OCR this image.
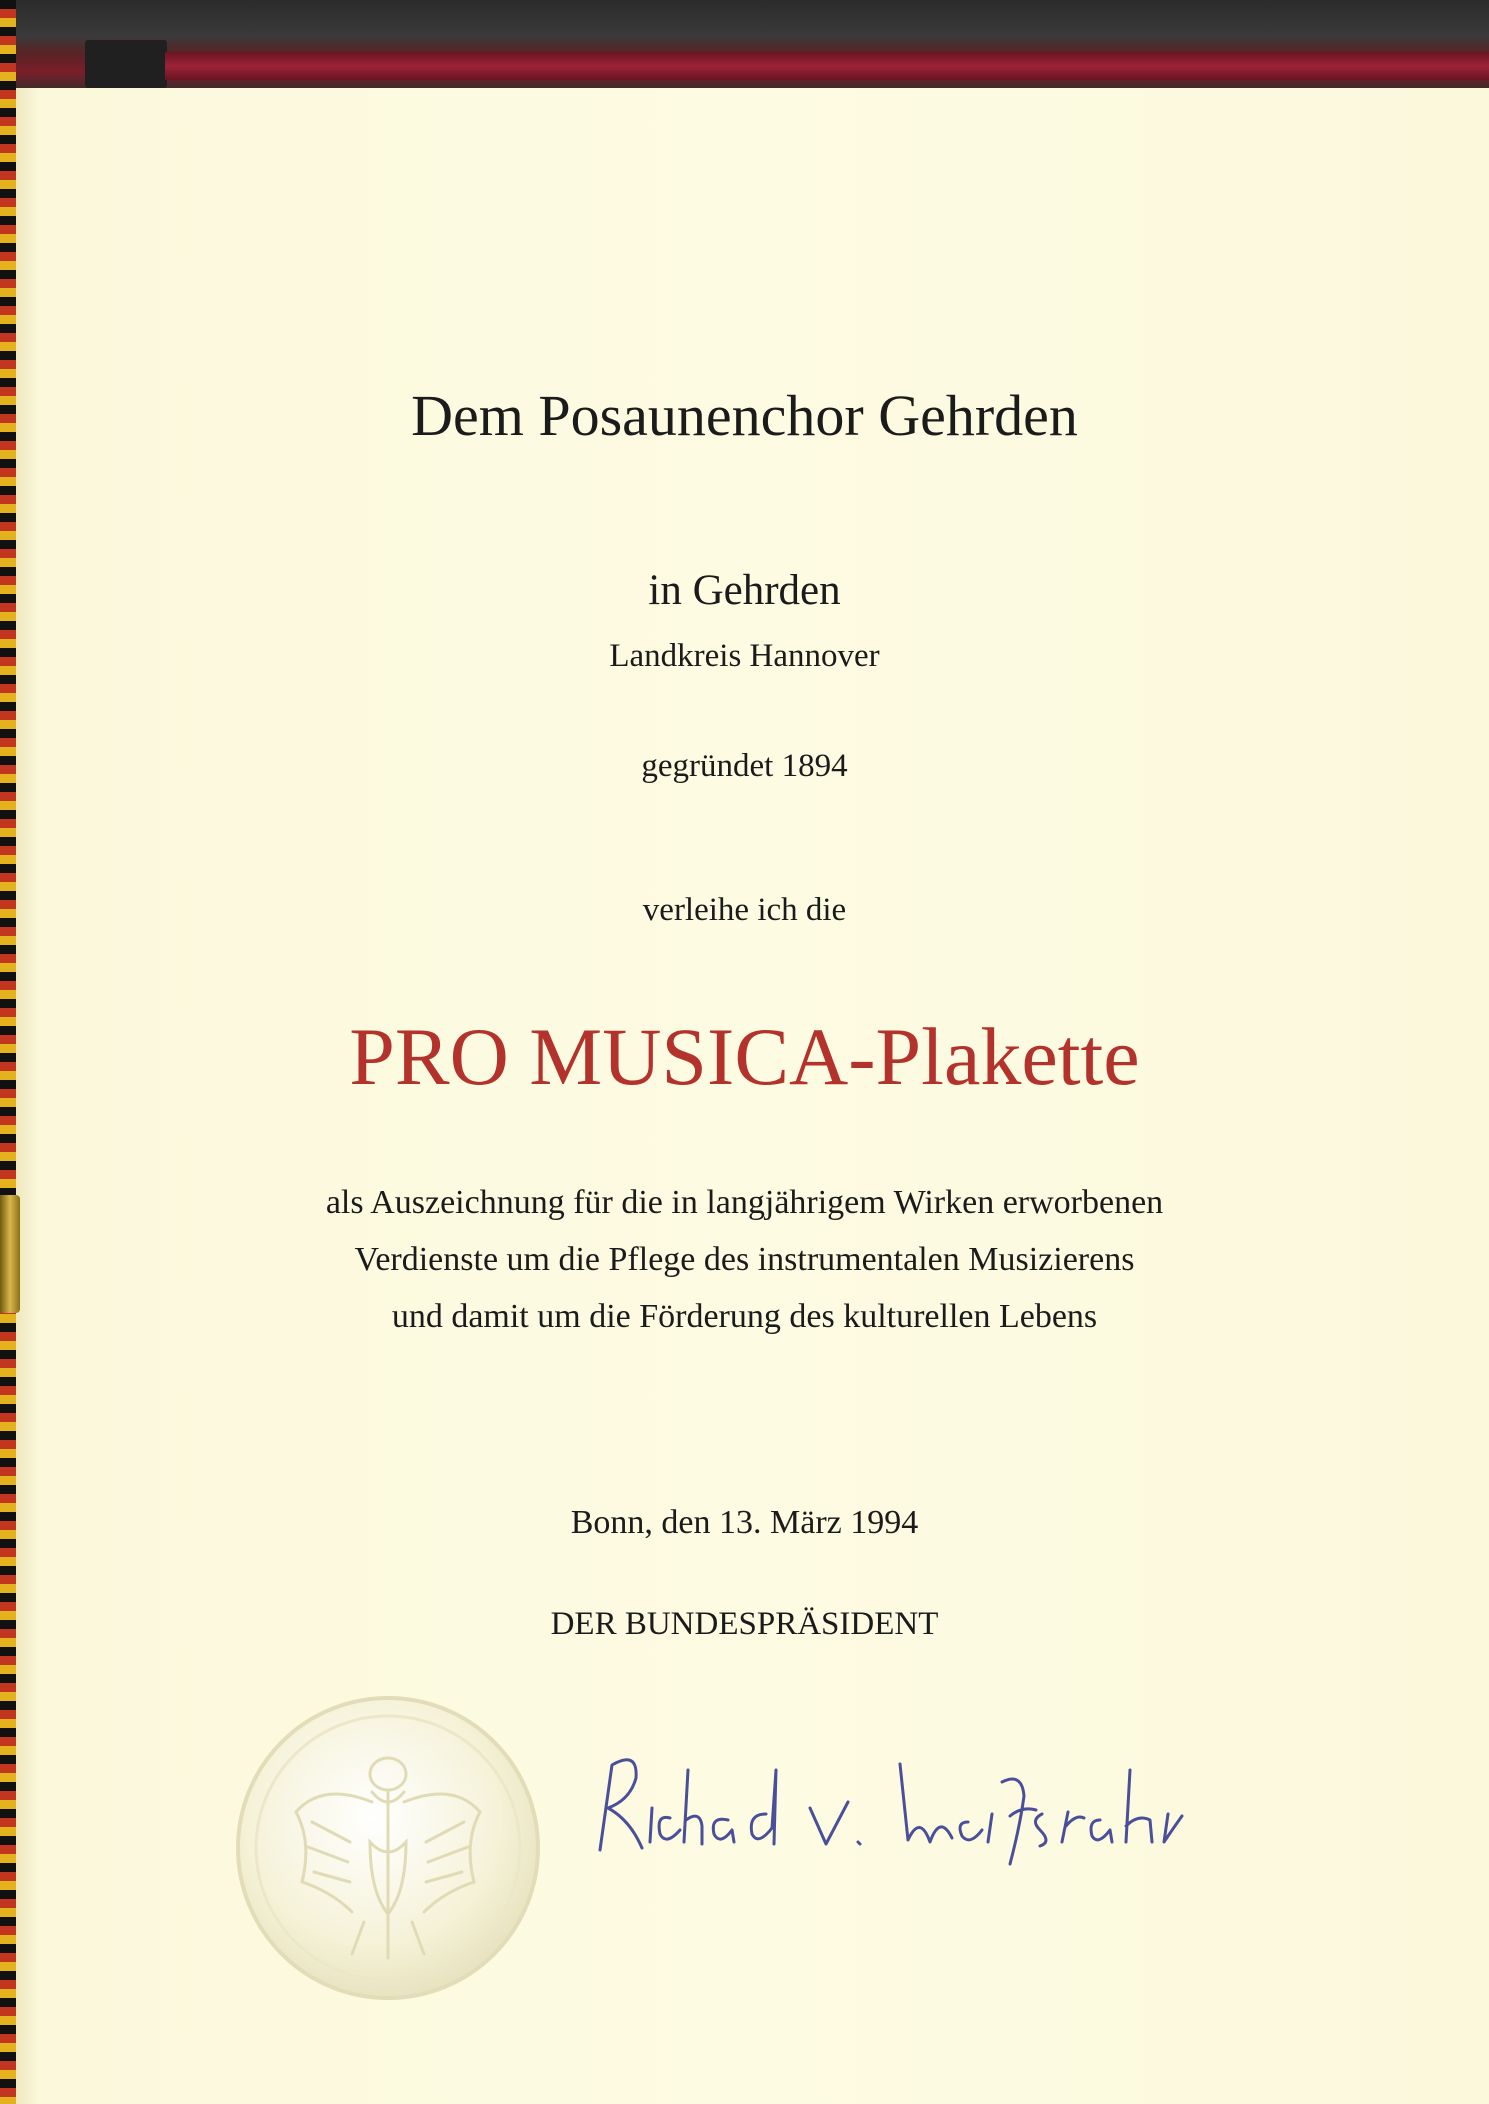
Dem Posaunenchor Gehrden
in Gehrden
Landkreis Hannover
gegründet 1894
verleihe ich die
PRO MUSICA-Plakette
als Auszeichnung für die in langjährigem Wirken erworbenen
Verdienste um die Pflege des instrumentalen Musizierens
und damit um die Förderung des kulturellen Lebens
Bonn, den 13. März 1994
DER BUNDESPRÄSIDENT
